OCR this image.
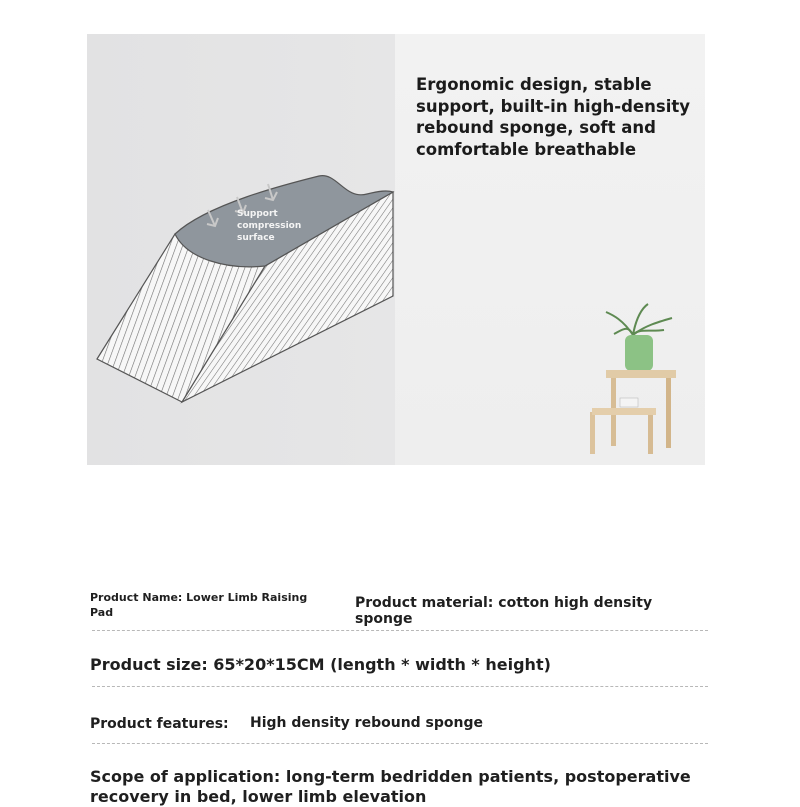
Support
compression
surface

Ergonomic design, stable support, built-in high-density rebound sponge, soft and comfortable breathable

Product Name: Lower Limb Raising Pad
Product material: cotton high density sponge
Product size: 65*20*15CM (length * width * height)
Product features:	High density rebound sponge
Scope of application: long-term bedridden patients, postoperative
recovery in bed, lower limb elevation
